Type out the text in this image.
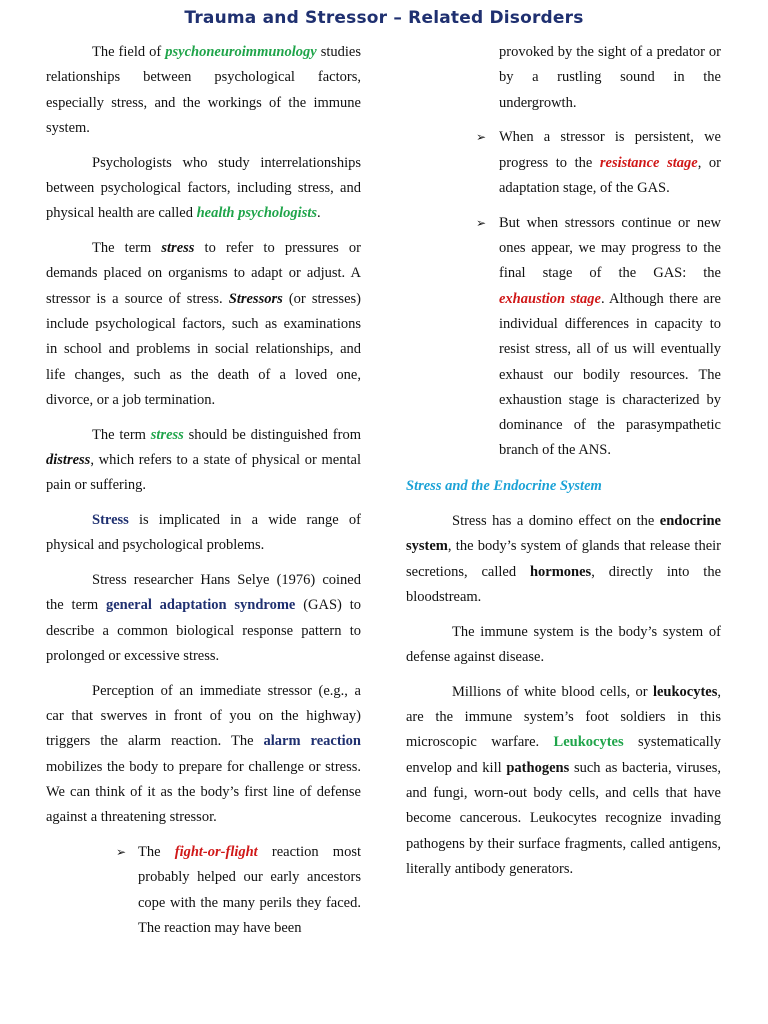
Trauma and Stressor – Related Disorders

The field of psychoneuroimmunology studies relationships between psychological factors, especially stress, and the workings of the immune system.

Psychologists who study interrelationships between psychological factors, including stress, and physical health are called health psychologists.

The term stress to refer to pressures or demands placed on organisms to adapt or adjust. A stressor is a source of stress. Stressors (or stresses) include psychological factors, such as examinations in school and problems in social relationships, and life changes, such as the death of a loved one, divorce, or a job termination.

The term stress should be distinguished from distress, which refers to a state of physical or mental pain or suffering.

Stress is implicated in a wide range of physical and psychological problems.

Stress researcher Hans Selye (1976) coined the term general adaptation syndrome (GAS) to describe a common biological response pattern to prolonged or excessive stress.

Perception of an immediate stressor (e.g., a car that swerves in front of you on the highway) triggers the alarm reaction. The alarm reaction mobilizes the body to prepare for challenge or stress. We can think of it as the body’s first line of defense against a threatening stressor.

➢ The fight-or-flight reaction most probably helped our early ancestors cope with the many perils they faced. The reaction may have been

provoked by the sight of a predator or by a rustling sound in the undergrowth.

➢ When a stressor is persistent, we progress to the resistance stage, or adaptation stage, of the GAS.

➢ But when stressors continue or new ones appear, we may progress to the final stage of the GAS: the exhaustion stage. Although there are individual differences in capacity to resist stress, all of us will eventually exhaust our bodily resources. The exhaustion stage is characterized by dominance of the parasympathetic branch of the ANS.

Stress and the Endocrine System

Stress has a domino effect on the endocrine system, the body’s system of glands that release their secretions, called hormones, directly into the bloodstream.

The immune system is the body’s system of defense against disease.

Millions of white blood cells, or leukocytes, are the immune system’s foot soldiers in this microscopic warfare. Leukocytes systematically envelop and kill pathogens such as bacteria, viruses, and fungi, worn-out body cells, and cells that have become cancerous. Leukocytes recognize invading pathogens by their surface fragments, called antigens, literally antibody generators.
